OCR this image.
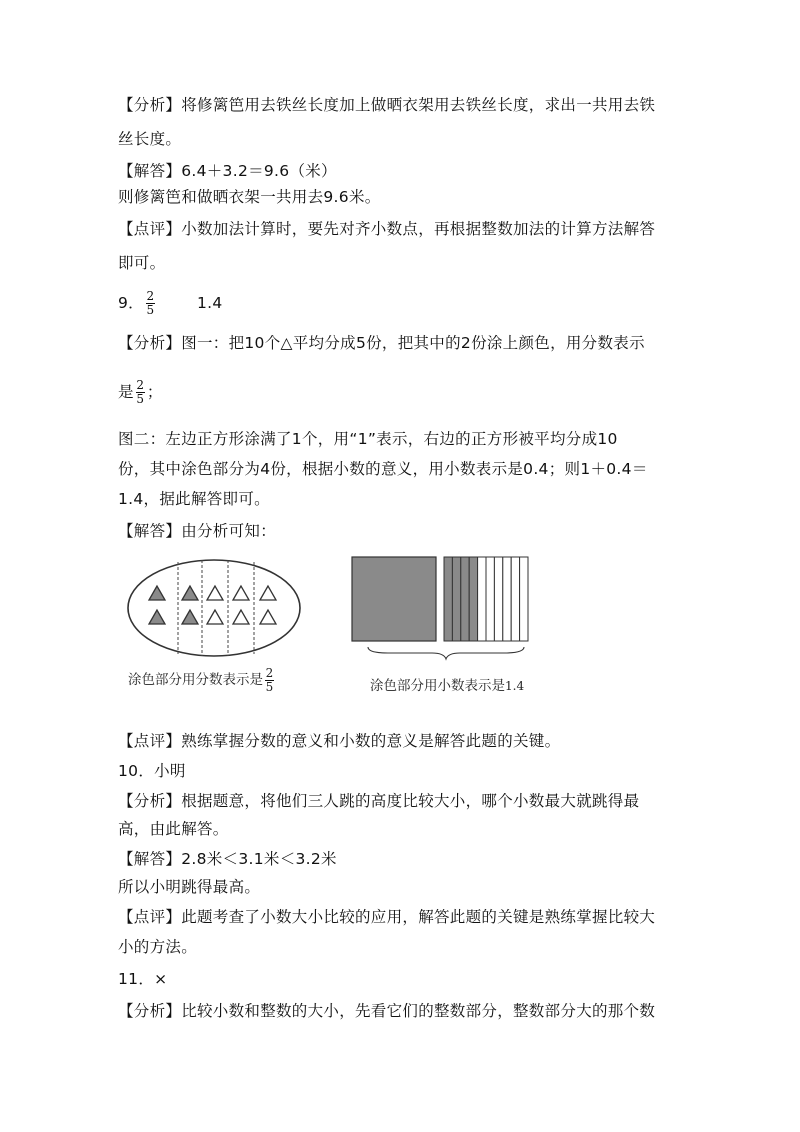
【分析】将修篱笆用去铁丝长度加上做晒衣架用去铁丝长度，求出一共用去铁
丝长度。
【解答】6.4＋3.2＝9.6（米）
则修篱笆和做晒衣架一共用去9.6米。
【点评】小数加法计算时，要先对齐小数点，再根据整数加法的计算方法解答
即可。
9． $\frac{2}{5}$	1.4
【分析】图一：把10个△平均分成5份，把其中的2份涂上颜色，用分数表示
是 $\frac{2}{5}$ ；
图二：左边正方形涂满了1个，用“1”表示，右边的正方形被平均分成10
份，其中涂色部分为4份，根据小数的意义，用小数表示是0.4；则1＋0.4＝
1.4，据此解答即可。
【解答】由分析可知：
涂色部分用分数表示是 $\frac{2}{5}$	涂色部分用小数表示是1.4
【点评】熟练掌握分数的意义和小数的意义是解答此题的关键。
10．小明
【分析】根据题意，将他们三人跳的高度比较大小，哪个小数最大就跳得最
高，由此解答。
【解答】2.8米＜3.1米＜3.2米
所以小明跳得最高。
【点评】此题考查了小数大小比较的应用，解答此题的关键是熟练掌握比较大
小的方法。
11．×
【分析】比较小数和整数的大小，先看它们的整数部分，整数部分大的那个数
